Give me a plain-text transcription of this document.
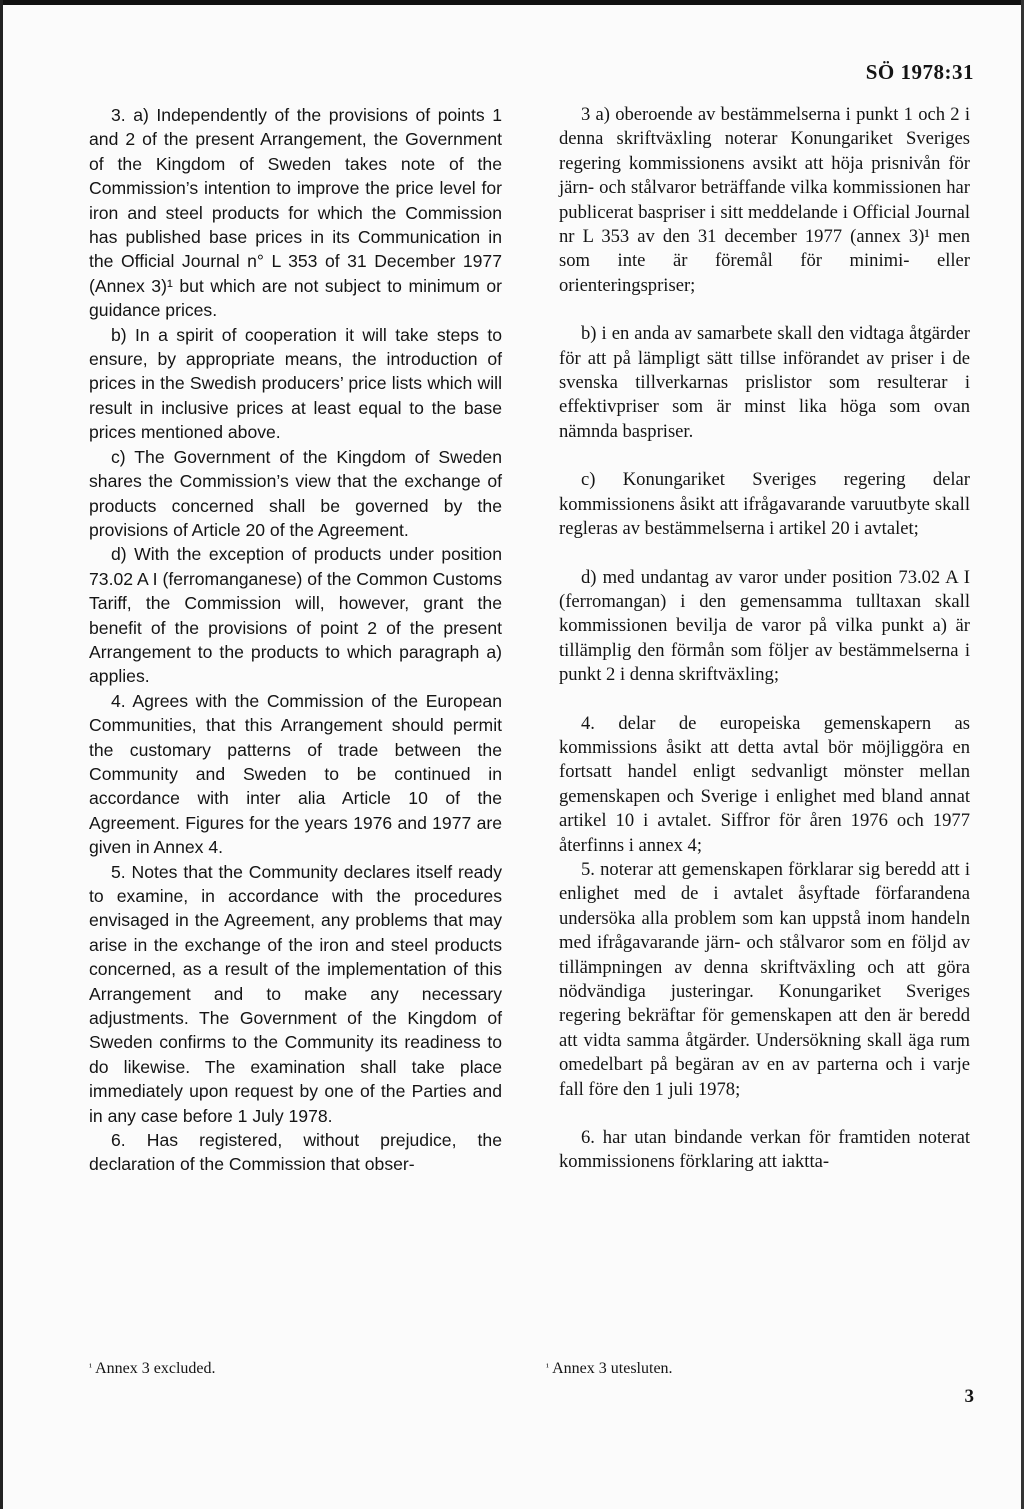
SÖ 1978:31

3. a) Independently of the provisions of points 1 and 2 of the present Arrangement, the Government of the Kingdom of Sweden takes note of the Commission’s intention to improve the price level for iron and steel products for which the Commission has published base prices in its Communication in the Official Journal n° L 353 of 31 December 1977 (Annex 3)¹ but which are not subject to minimum or guidance prices.

b) In a spirit of cooperation it will take steps to ensure, by appropriate means, the introduction of prices in the Swedish producers’ price lists which will result in inclusive prices at least equal to the base prices mentioned above.

c) The Government of the Kingdom of Sweden shares the Commission’s view that the exchange of products concerned shall be governed by the provisions of Article 20 of the Agreement.

d) With the exception of products under position 73.02 A I (ferromanganese) of the Common Customs Tariff, the Commission will, however, grant the benefit of the provisions of point 2 of the present Arrangement to the products to which paragraph a) applies.

4. Agrees with the Commission of the European Communities, that this Arrangement should permit the customary patterns of trade between the Community and Sweden to be continued in accordance with inter alia Article 10 of the Agreement. Figures for the years 1976 and 1977 are given in Annex 4.

5. Notes that the Community declares itself ready to examine, in accordance with the procedures envisaged in the Agreement, any problems that may arise in the exchange of the iron and steel products concerned, as a result of the implementation of this Arrangement and to make any necessary adjustments. The Government of the Kingdom of Sweden confirms to the Community its readiness to do likewise. The examination shall take place immediately upon request by one of the Parties and in any case before 1 July 1978.

6. Has registered, without prejudice, the declaration of the Commission that obser-

3 a) oberoende av bestämmelserna i punkt 1 och 2 i denna skriftväxling noterar Konungariket Sveriges regering kommissionens avsikt att höja prisnivån för järn- och stålvaror beträffande vilka kommissionen har publicerat baspriser i sitt meddelande i Official Journal nr L 353 av den 31 december 1977 (annex 3)¹ men som inte är föremål för minimi- eller orienteringspriser;

b) i en anda av samarbete skall den vidtaga åtgärder för att på lämpligt sätt tillse införandet av priser i de svenska tillverkarnas prislistor som resulterar i effektivpriser som är minst lika höga som ovan nämnda baspriser.

c) Konungariket Sveriges regering delar kommissionens åsikt att ifrågavarande varuutbyte skall regleras av bestämmelserna i artikel 20 i avtalet;

d) med undantag av varor under position 73.02 A I (ferromangan) i den gemensamma tulltaxan skall kommissionen bevilja de varor på vilka punkt a) är tillämplig den förmån som följer av bestämmelserna i punkt 2 i denna skriftväxling;

4. delar de europeiska gemenskapern as kommissions åsikt att detta avtal bör möjliggöra en fortsatt handel enligt sedvanligt mönster mellan gemenskapen och Sverige i enlighet med bland annat artikel 10 i avtalet. Siffror för åren 1976 och 1977 återfinns i annex 4;

5. noterar att gemenskapen förklarar sig beredd att i enlighet med de i avtalet åsyftade förfarandena undersöka alla problem som kan uppstå inom handeln med ifrågavarande järn- och stålvaror som en följd av tillämpningen av denna skriftväxling och att göra nödvändiga justeringar. Konungariket Sveriges regering bekräftar för gemenskapen att den är beredd att vidta samma åtgärder. Undersökning skall äga rum omedelbart på begäran av en av parterna och i varje fall före den 1 juli 1978;

6. har utan bindande verkan för framtiden noterat kommissionens förklaring att iaktta-

$^{^1}$ Annex 3 excluded.	$^{^1}$ Annex 3 utesluten.
3
